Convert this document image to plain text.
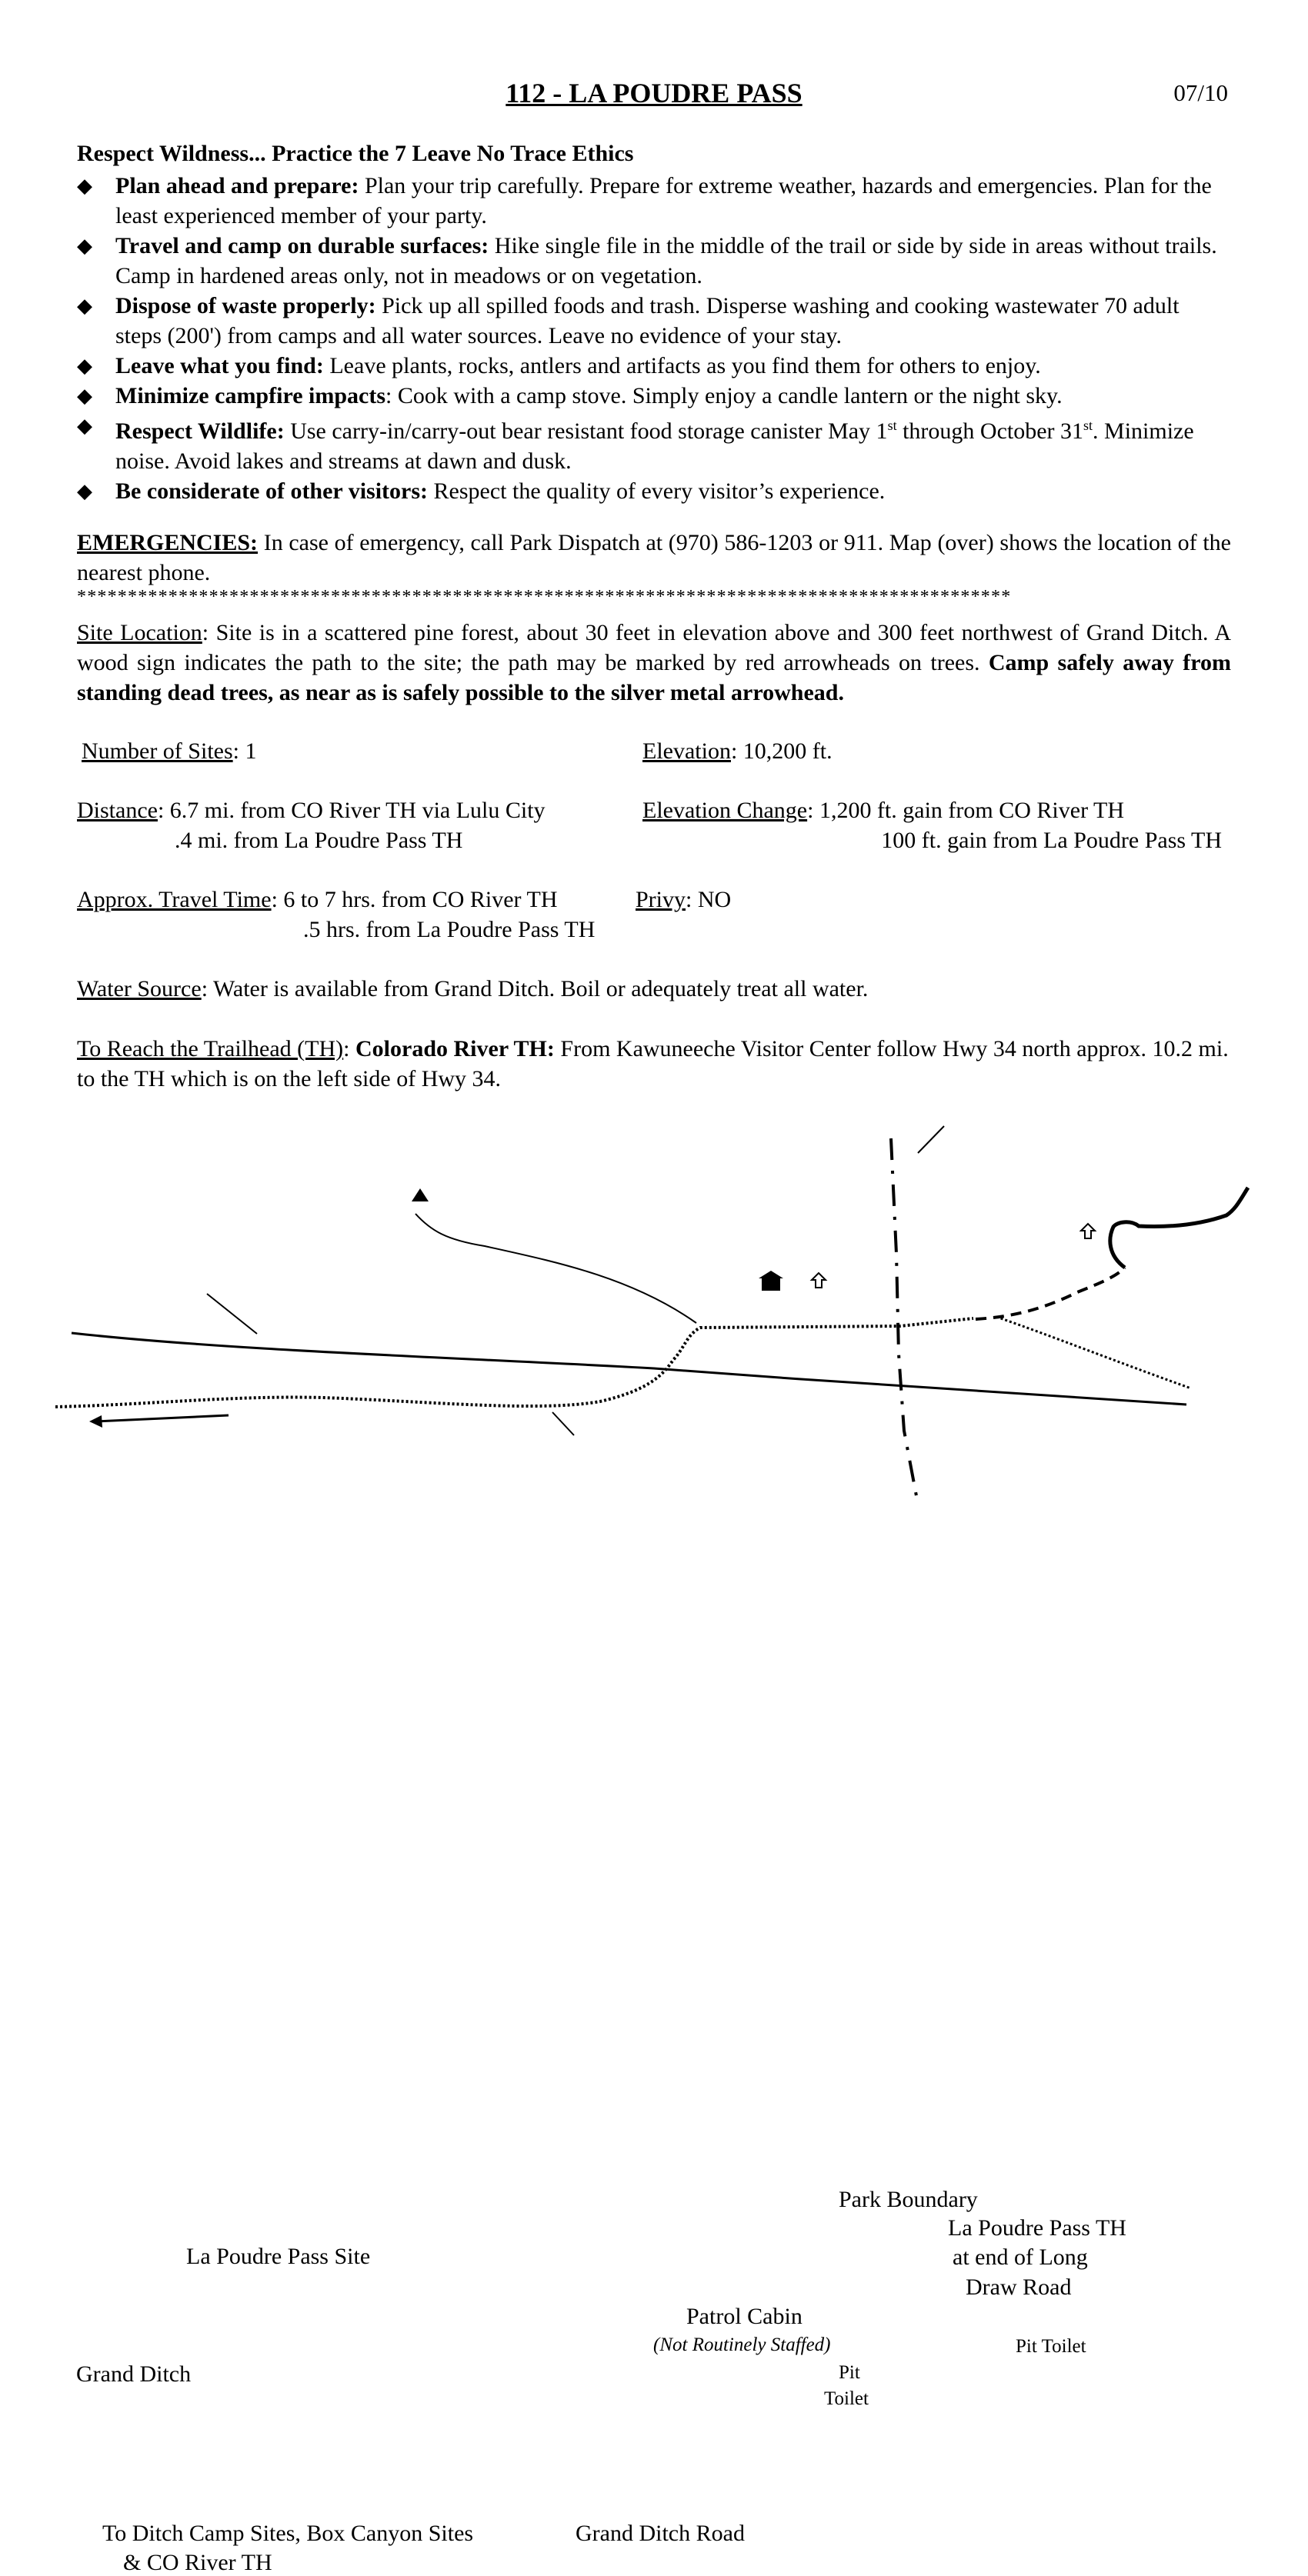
112 - LA POUDRE PASS	07/10
Respect Wildness... Practice the 7 Leave No Trace Ethics
◆ Plan ahead and prepare: Plan your trip carefully. Prepare for extreme weather, hazards and emergencies. Plan for the least experienced member of your party.
◆ Travel and camp on durable surfaces: Hike single file in the middle of the trail or side by side in areas without trails. Camp in hardened areas only, not in meadows or on vegetation.
◆ Dispose of waste properly: Pick up all spilled foods and trash. Disperse washing and cooking wastewater 70 adult steps (200') from camps and all water sources. Leave no evidence of your stay.
◆ Leave what you find: Leave plants, rocks, antlers and artifacts as you find them for others to enjoy.
◆ Minimize campfire impacts: Cook with a camp stove. Simply enjoy a candle lantern or the night sky.
◆ Respect Wildlife: Use carry-in/carry-out bear resistant food storage canister May 1st through October 31st. Minimize noise. Avoid lakes and streams at dawn and dusk.
◆ Be considerate of other visitors: Respect the quality of every visitor’s experience.
EMERGENCIES: In case of emergency, call Park Dispatch at (970) 586-1203 or 911. Map (over) shows the location of the nearest phone.
********************************************************************************************
Site Location: Site is in a scattered pine forest, about 30 feet in elevation above and 300 feet northwest of Grand Ditch. A wood sign indicates the path to the site; the path may be marked by red arrowheads on trees. Camp safely away from standing dead trees, as near as is safely possible to the silver metal arrowhead.
Number of Sites: 1	Elevation: 10,200 ft.
Distance: 6.7 mi. from CO River TH via Lulu City
.4 mi. from La Poudre Pass TH
Elevation Change: 1,200 ft. gain from CO River TH
100 ft. gain from La Poudre Pass TH
Approx. Travel Time: 6 to 7 hrs. from CO River TH
.5 hrs. from La Poudre Pass TH
Privy: NO
Water Source: Water is available from Grand Ditch. Boil or adequately treat all water.
To Reach the Trailhead (TH): Colorado River TH: From Kawuneeche Visitor Center follow Hwy 34 north approx. 10.2 mi. to the TH which is on the left side of Hwy 34.
Park Boundary
La Poudre Pass Site
La Poudre Pass TH
at end of Long
Draw Road
Patrol Cabin
(Not Routinely Staffed)
Pit
Toilet
Pit Toilet
Grand Ditch
Grand Ditch Road
To Ditch Camp Sites, Box Canyon Sites
& CO River TH
